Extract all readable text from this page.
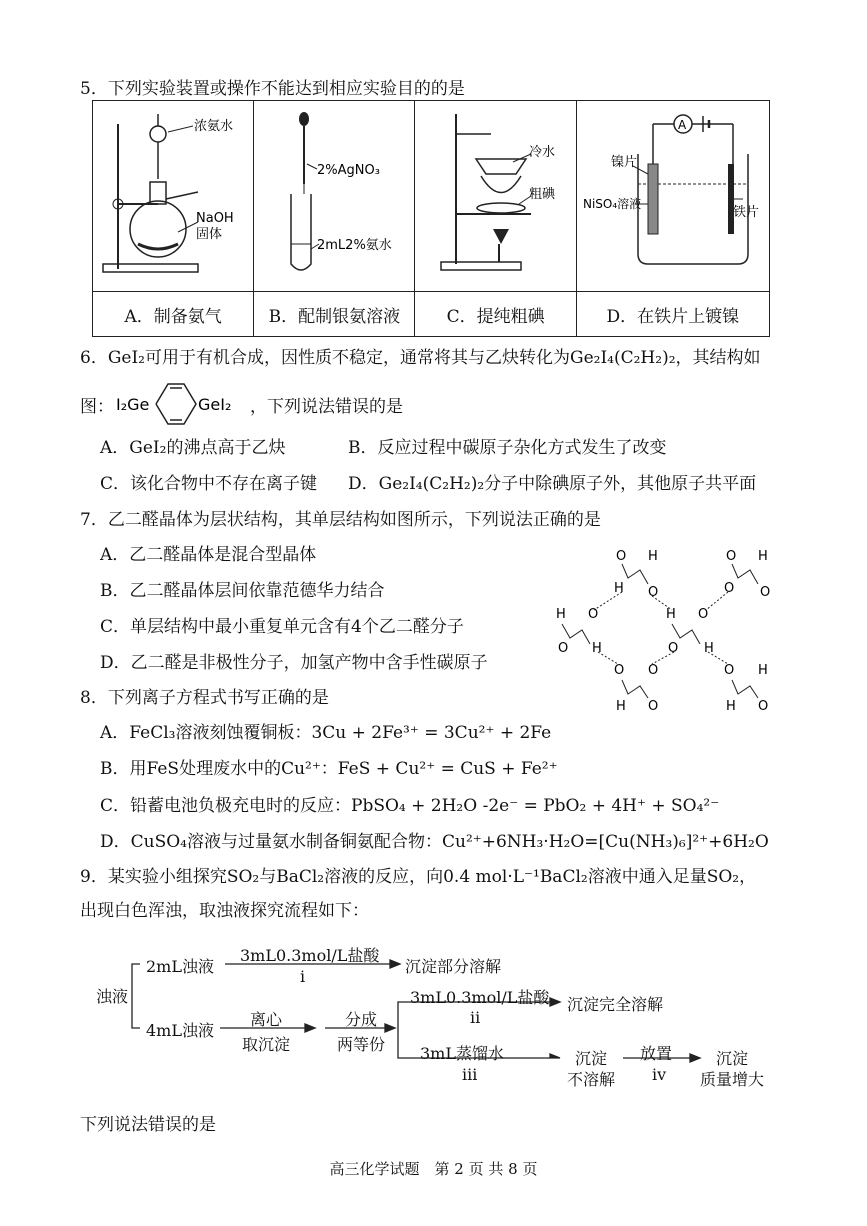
5．下列实验装置或操作不能达到相应实验目的的是
浓氨水
NaOH
固体	2%AgNO₃
2mL2%氨水	冷水
粗碘	A
镍片
NiSO₄溶液
铁片

A．制备氨气	B．配制银氨溶液	C．提纯粗碘	D．在铁片上镀镍
6．GeI₂可用于有机合成，因性质不稳定，通常将其与乙炔转化为Ge₂I₄(C₂H₂)₂，其结构如
图： I₂Ge	GeI₂ ，下列说法错误的是
A．GeI₂的沸点高于乙炔	B．反应过程中碳原子杂化方式发生了改变
C．该化合物中不存在离子键 D．Ge₂I₄(C₂H₂)₂分子中除碘原子外，其他原子共平面
7．乙二醛晶体为层状结构，其单层结构如图所示，下列说法正确的是
A．乙二醛晶体是混合型晶体
B．乙二醛晶体层间依靠范德华力结合
C．单层结构中最小重复单元含有4个乙二醛分子
D．乙二醛是非极性分子，加氢产物中含手性碳原子
O H
H O
O H
O O
H O
O H
H O
O H
O O
H O
O H
H O
8．下列离子方程式书写正确的是
A．FeCl₃溶液刻蚀覆铜板：3Cu + 2Fe³⁺ = 3Cu²⁺ + 2Fe
B．用FeS处理废水中的Cu²⁺：FeS + Cu²⁺ = CuS + Fe²⁺
C．铅蓄电池负极充电时的反应：PbSO₄ + 2H₂O -2e⁻ = PbO₂ + 4H⁺ + SO₄²⁻
D．CuSO₄溶液与过量氨水制备铜氨配合物：Cu²⁺+6NH₃·H₂O=[Cu(NH₃)₆]²⁺+6H₂O
9．某实验小组探究SO₂与BaCl₂溶液的反应，向0.4 mol·L⁻¹BaCl₂溶液中通入足量SO₂，
出现白色浑浊，取浊液探究流程如下：
浊液
2mL浊液
3mL0.3mol/L盐酸
i
沉淀部分溶解
4mL浊液
离心
取沉淀
分成
两等份
3mL0.3mol/L盐酸
ii
沉淀完全溶解
3mL蒸馏水
iii
沉淀
不溶解
放置
iv
沉淀
质量增大
下列说法错误的是
高三化学试题　第 2 页 共 8 页
